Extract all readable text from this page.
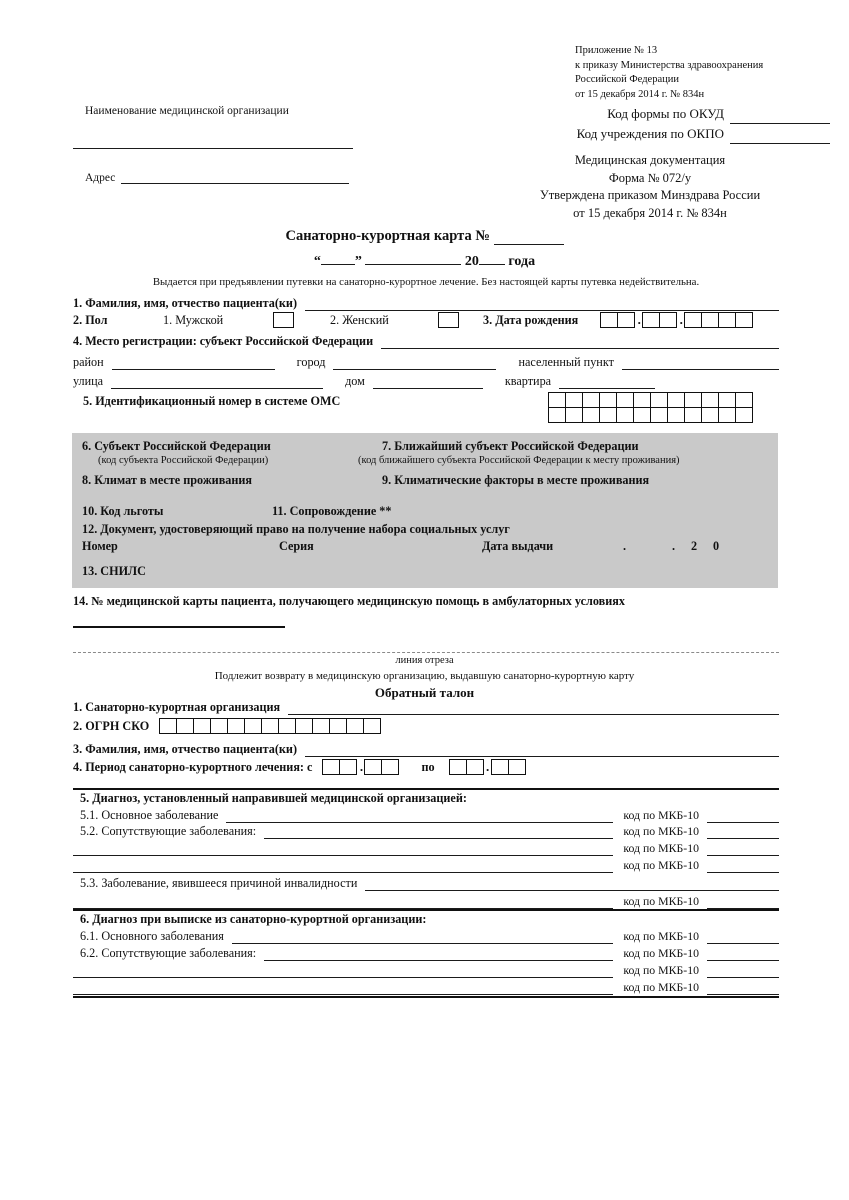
Приложение № 13
к приказу Министерства здравоохранения
Российской Федерации
от 15 декабря 2014 г. № 834н
Код формы по ОКУД
Код учреждения по ОКПО
Наименование медицинской организации
Адрес
Медицинская документация
Форма № 072/у
Утверждена приказом Минздрава России
от 15 декабря 2014 г. № 834н
Санаторно-курортная карта №
“ ”	20 года
Выдается при предъявлении путевки на санаторно-курортное лечение. Без настоящей карты путевка недействительна.
1. Фамилия, имя, отчество пациента(ки)
2. Пол	1. Мужской	2. Женский	3. Дата рождения	.	.
4. Место регистрации: субъект Российской Федерации
район	город	населенный пункт
улица	дом	квартира
5. Идентификационный номер в системе ОМС
6. Субъект Российской Федерации
(код субъекта Российской Федерации)
7. Ближайший субъект Российской Федерации
(код ближайшего субъекта Российской Федерации к месту проживания)
8. Климат в месте проживания	9. Климатические факторы в месте проживания
10. Код льготы	11. Сопровождение **
12. Документ, удостоверяющий право на получение набора социальных услуг
Номер	Серия	Дата выдачи	.	. 2 0
13. СНИЛС
14. № медицинской карты пациента, получающего медицинскую помощь в амбулаторных условиях
линия отреза
Подлежит возврату в медицинскую организацию, выдавшую санаторно-курортную карту
Обратный талон
1. Санаторно-курортная организация
2. ОГРН СКО
3. Фамилия, имя, отчество пациента(ки)
4. Период санаторно-курортного лечения: с	.	по	.
5. Диагноз, установленный направившей медицинской организацией:
5.1. Основное заболевание	код по МКБ-10
5.2. Сопутствующие заболевания:	код по МКБ-10
код по МКБ-10
код по МКБ-10
5.3. Заболевание, явившееся причиной инвалидности
код по МКБ-10
6. Диагноз при выписке из санаторно-курортной организации:
6.1. Основного заболевания	код по МКБ-10
6.2. Сопутствующие заболевания:	код по МКБ-10
код по МКБ-10
код по МКБ-10
